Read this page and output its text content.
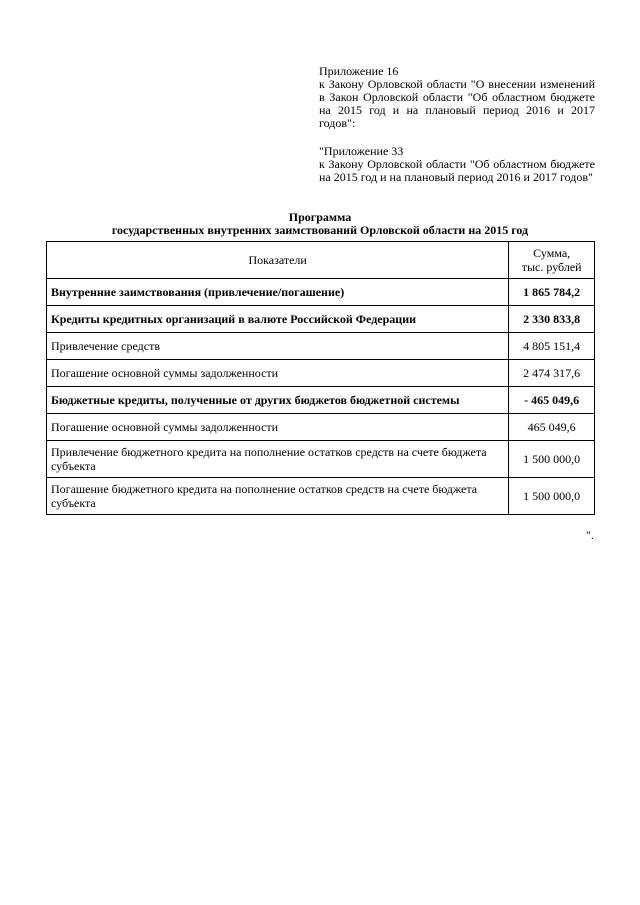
Приложение 16

к Закону Орловской области "О внесении изменений в Закон Орловской области "Об областном бюджете на 2015 год и на плановый период 2016 и 2017 годов":

"Приложение 33

к Закону Орловской области "Об областном бюджете на 2015 год и на плановый период 2016 и 2017 годов"

Программа
государственных внутренних заимствований Орловской области на 2015 год
Показатели	Сумма,
тыс. рублей
Внутренние заимствования (привлечение/погашение)	1 865 784,2
Кредиты кредитных организаций в валюте Российской Федерации	2 330 833,8
Привлечение средств	4 805 151,4
Погашение основной суммы задолженности	2 474 317,6
Бюджетные кредиты, полученные от других бюджетов бюджетной системы	- 465 049,6
Погашение основной суммы задолженности	465 049,6
Привлечение бюджетного кредита на пополнение остатков средств на счете бюджета субъекта	1 500 000,0
Погашение бюджетного кредита на пополнение остатков средств на счете бюджета субъекта	1 500 000,0
".
